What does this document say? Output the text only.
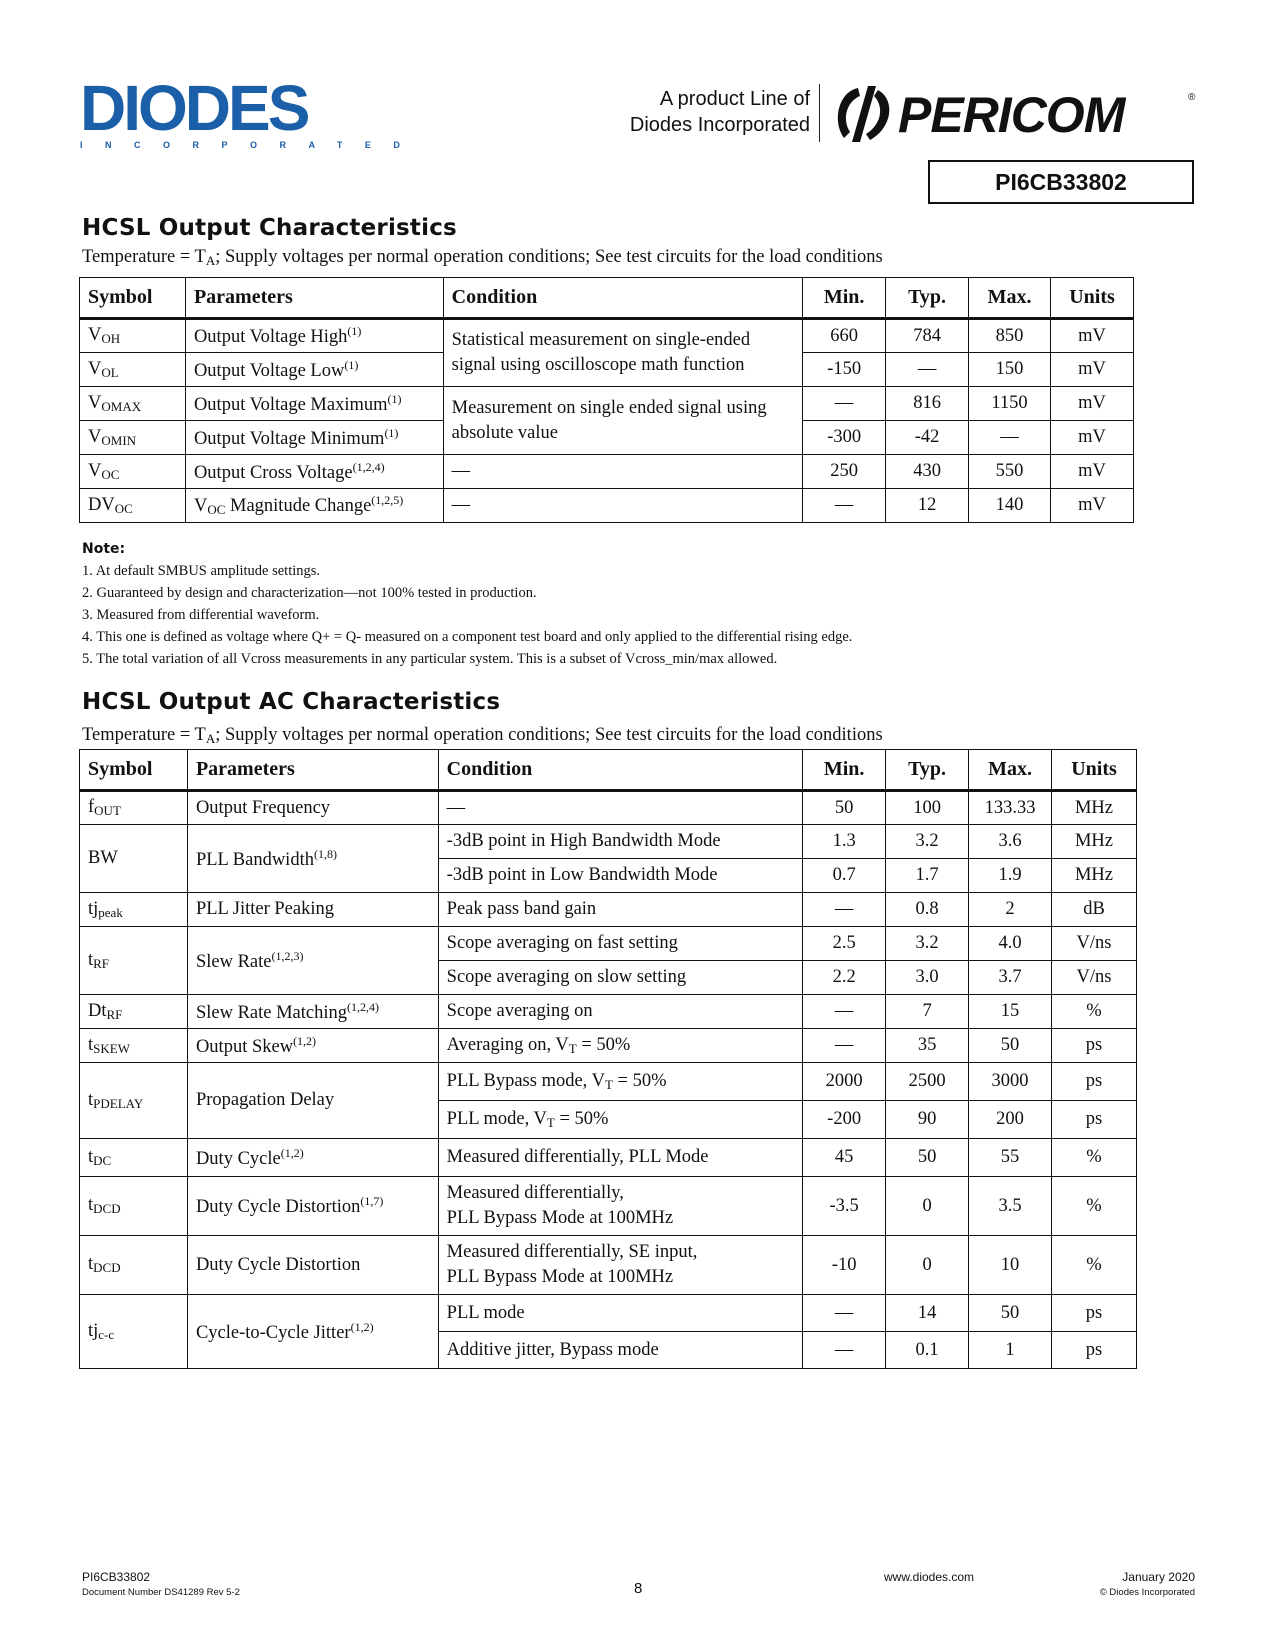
DIODES
INCORPORATED
A product Line of
Diodes Incorporated PERICOM	®
PI6CB33802
HCSL Output Characteristics

Temperature = $T_A$; Supply voltages per normal operation conditions; See test circuits for the load conditions

Symbol	Parameters	Condition	Min.	Typ.	Max.	Units
$V_{OH}$	Output Voltage High$^{(1)}$	Statistical measurement on single-ended signal using oscilloscope math function	660	784	850	mV
$V_{OL}$	Output Voltage Low$^{(1)}$		-150	—	150	mV
$V_{OMAX}$	Output Voltage Maximum$^{(1)}$	Measurement on single ended signal using absolute value	—	816	1150	mV
$V_{OMIN}$	Output Voltage Minimum$^{(1)}$		-300	-42	—	mV
$V_{OC}$	Output Cross Voltage$^{(1,2,4)}$	—	250	430	550	mV
$DV_{OC}$	$V_{OC}$ Magnitude Change$^{(1,2,5)}$	—	—	12	140	mV
Note:
1. At default SMBUS amplitude settings.
2. Guaranteed by design and characterization—not 100% tested in production.
3. Measured from differential waveform.
4. This one is defined as voltage where Q+ = Q- measured on a component test board and only applied to the differential rising edge.
5. The total variation of all Vcross measurements in any particular system. This is a subset of Vcross_min/max allowed.
HCSL Output AC Characteristics

Temperature = $T_A$; Supply voltages per normal operation conditions; See test circuits for the load conditions

Symbol	Parameters	Condition	Min.	Typ.	Max.	Units
$f_{OUT}$	Output Frequency	—	50	100	133.33	MHz
BW	PLL Bandwidth$^{(1,8)}$	-3dB point in High Bandwidth Mode	1.3	3.2	3.6	MHz
		-3dB point in Low Bandwidth Mode	0.7	1.7	1.9	MHz
$tj_{peak}$	PLL Jitter Peaking	Peak pass band gain	—	0.8	2	dB
$t_{RF}$	Slew Rate$^{(1,2,3)}$	Scope averaging on fast setting	2.5	3.2	4.0	V/ns
		Scope averaging on slow setting	2.2	3.0	3.7	V/ns
$Dt_{RF}$	Slew Rate Matching$^{(1,2,4)}$	Scope averaging on	—	7	15	%
$t_{SKEW}$	Output Skew$^{(1,2)}$	Averaging on, $V_T = 50\%$	—	35	50	ps
$t_{PDELAY}$	Propagation Delay	PLL Bypass mode, $V_T = 50\%$	2000	2500	3000	ps
		PLL mode, $V_T = 50\%$	-200	90	200	ps
$t_{DC}$	Duty Cycle$^{(1,2)}$	Measured differentially, PLL Mode	45	50	55	%
$t_{DCD}$	Duty Cycle Distortion$^{(1,7)}$	Measured differentially,
PLL Bypass Mode at 100MHz	-3.5	0	3.5	%
$t_{DCD}$	Duty Cycle Distortion	Measured differentially, SE input,
PLL Bypass Mode at 100MHz	-10	0	10	%
$tj_{c-c}$	Cycle-to-Cycle Jitter$^{(1,2)}$	PLL mode	—	14	50	ps
		Additive jitter, Bypass mode	—	0.1	1	ps
PI6CB33802
Document Number DS41289 Rev 5-2	8
www.diodes.com	January 2020
© Diodes Incorporated
